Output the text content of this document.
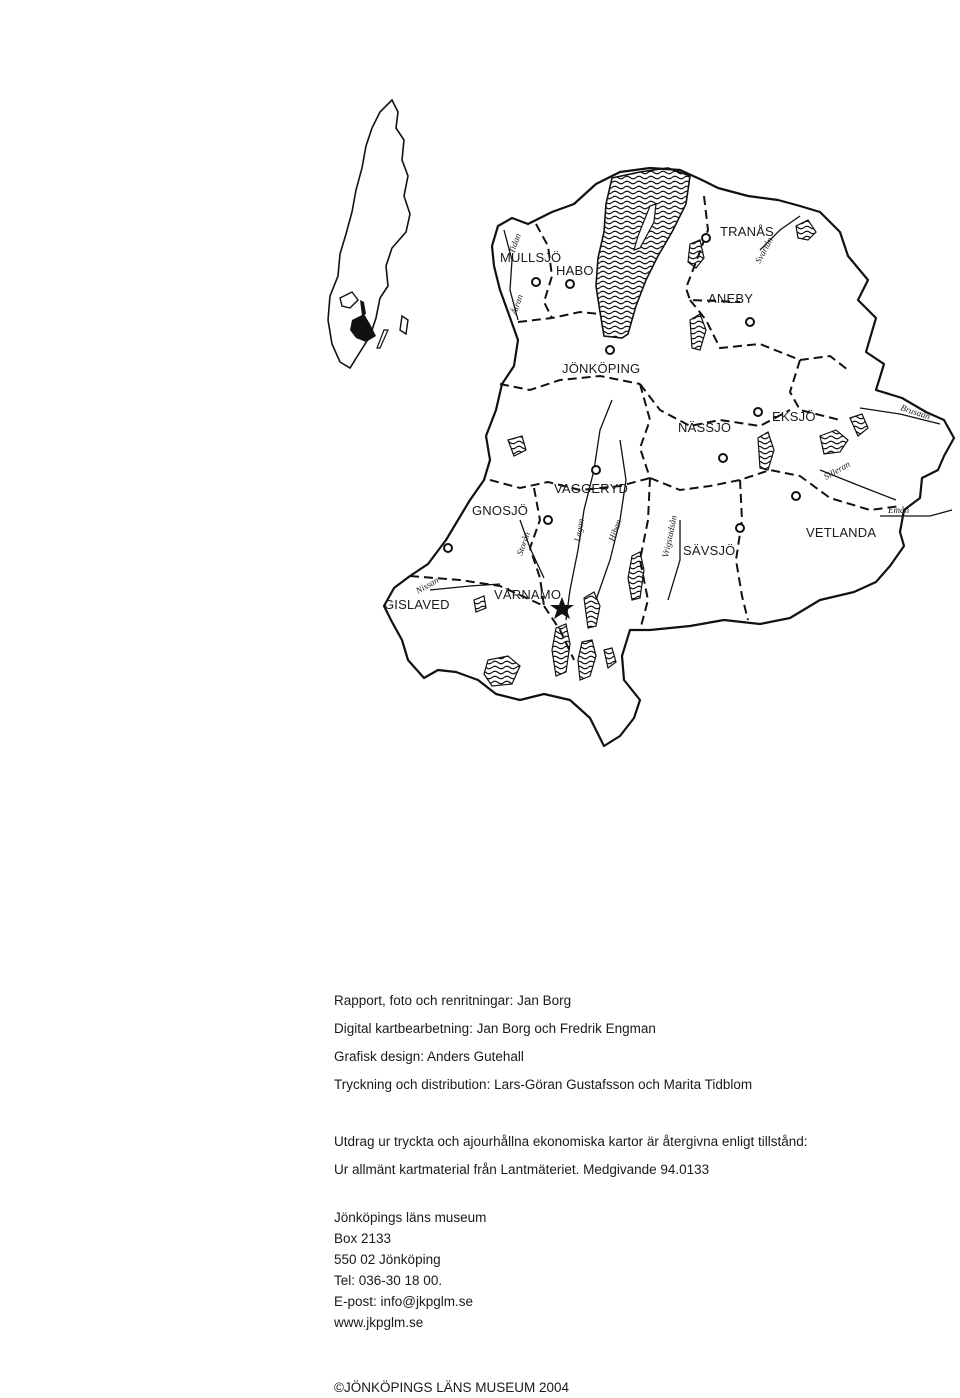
MULLSJÖ
HABO
TRANÅS
ANEBY
JÖNKÖPING
EKSJÖ
NÄSSJÖ
VAGGERYD
GNOSJÖ
VETLANDA
SÄVSJÖ
GISLAVED
VÄRNAMO
Tidan
Ätran
Svartån
Brusaån
Silleran
Emån
Storån
Lagan Hiban
Nissan
Vrigstadsån

Rapport, foto och renritningar: Jan Borg

Digital kartbearbetning: Jan Borg och Fredrik Engman

Grafisk design: Anders Gutehall

Tryckning och distribution: Lars-Göran Gustafsson och Marita Tidblom

Utdrag ur tryckta och ajourhållna ekonomiska kartor är återgivna enligt tillstånd:

Ur allmänt kartmaterial från Lantmäteriet. Medgivande 94.0133

Jönköpings läns museum

Box 2133

550 02 Jönköping

Tel: 036-30 18 00.

E-post: info@jkpglm.se

www.jkpglm.se

©JÖNKÖPINGS LÄNS MUSEUM 2004
